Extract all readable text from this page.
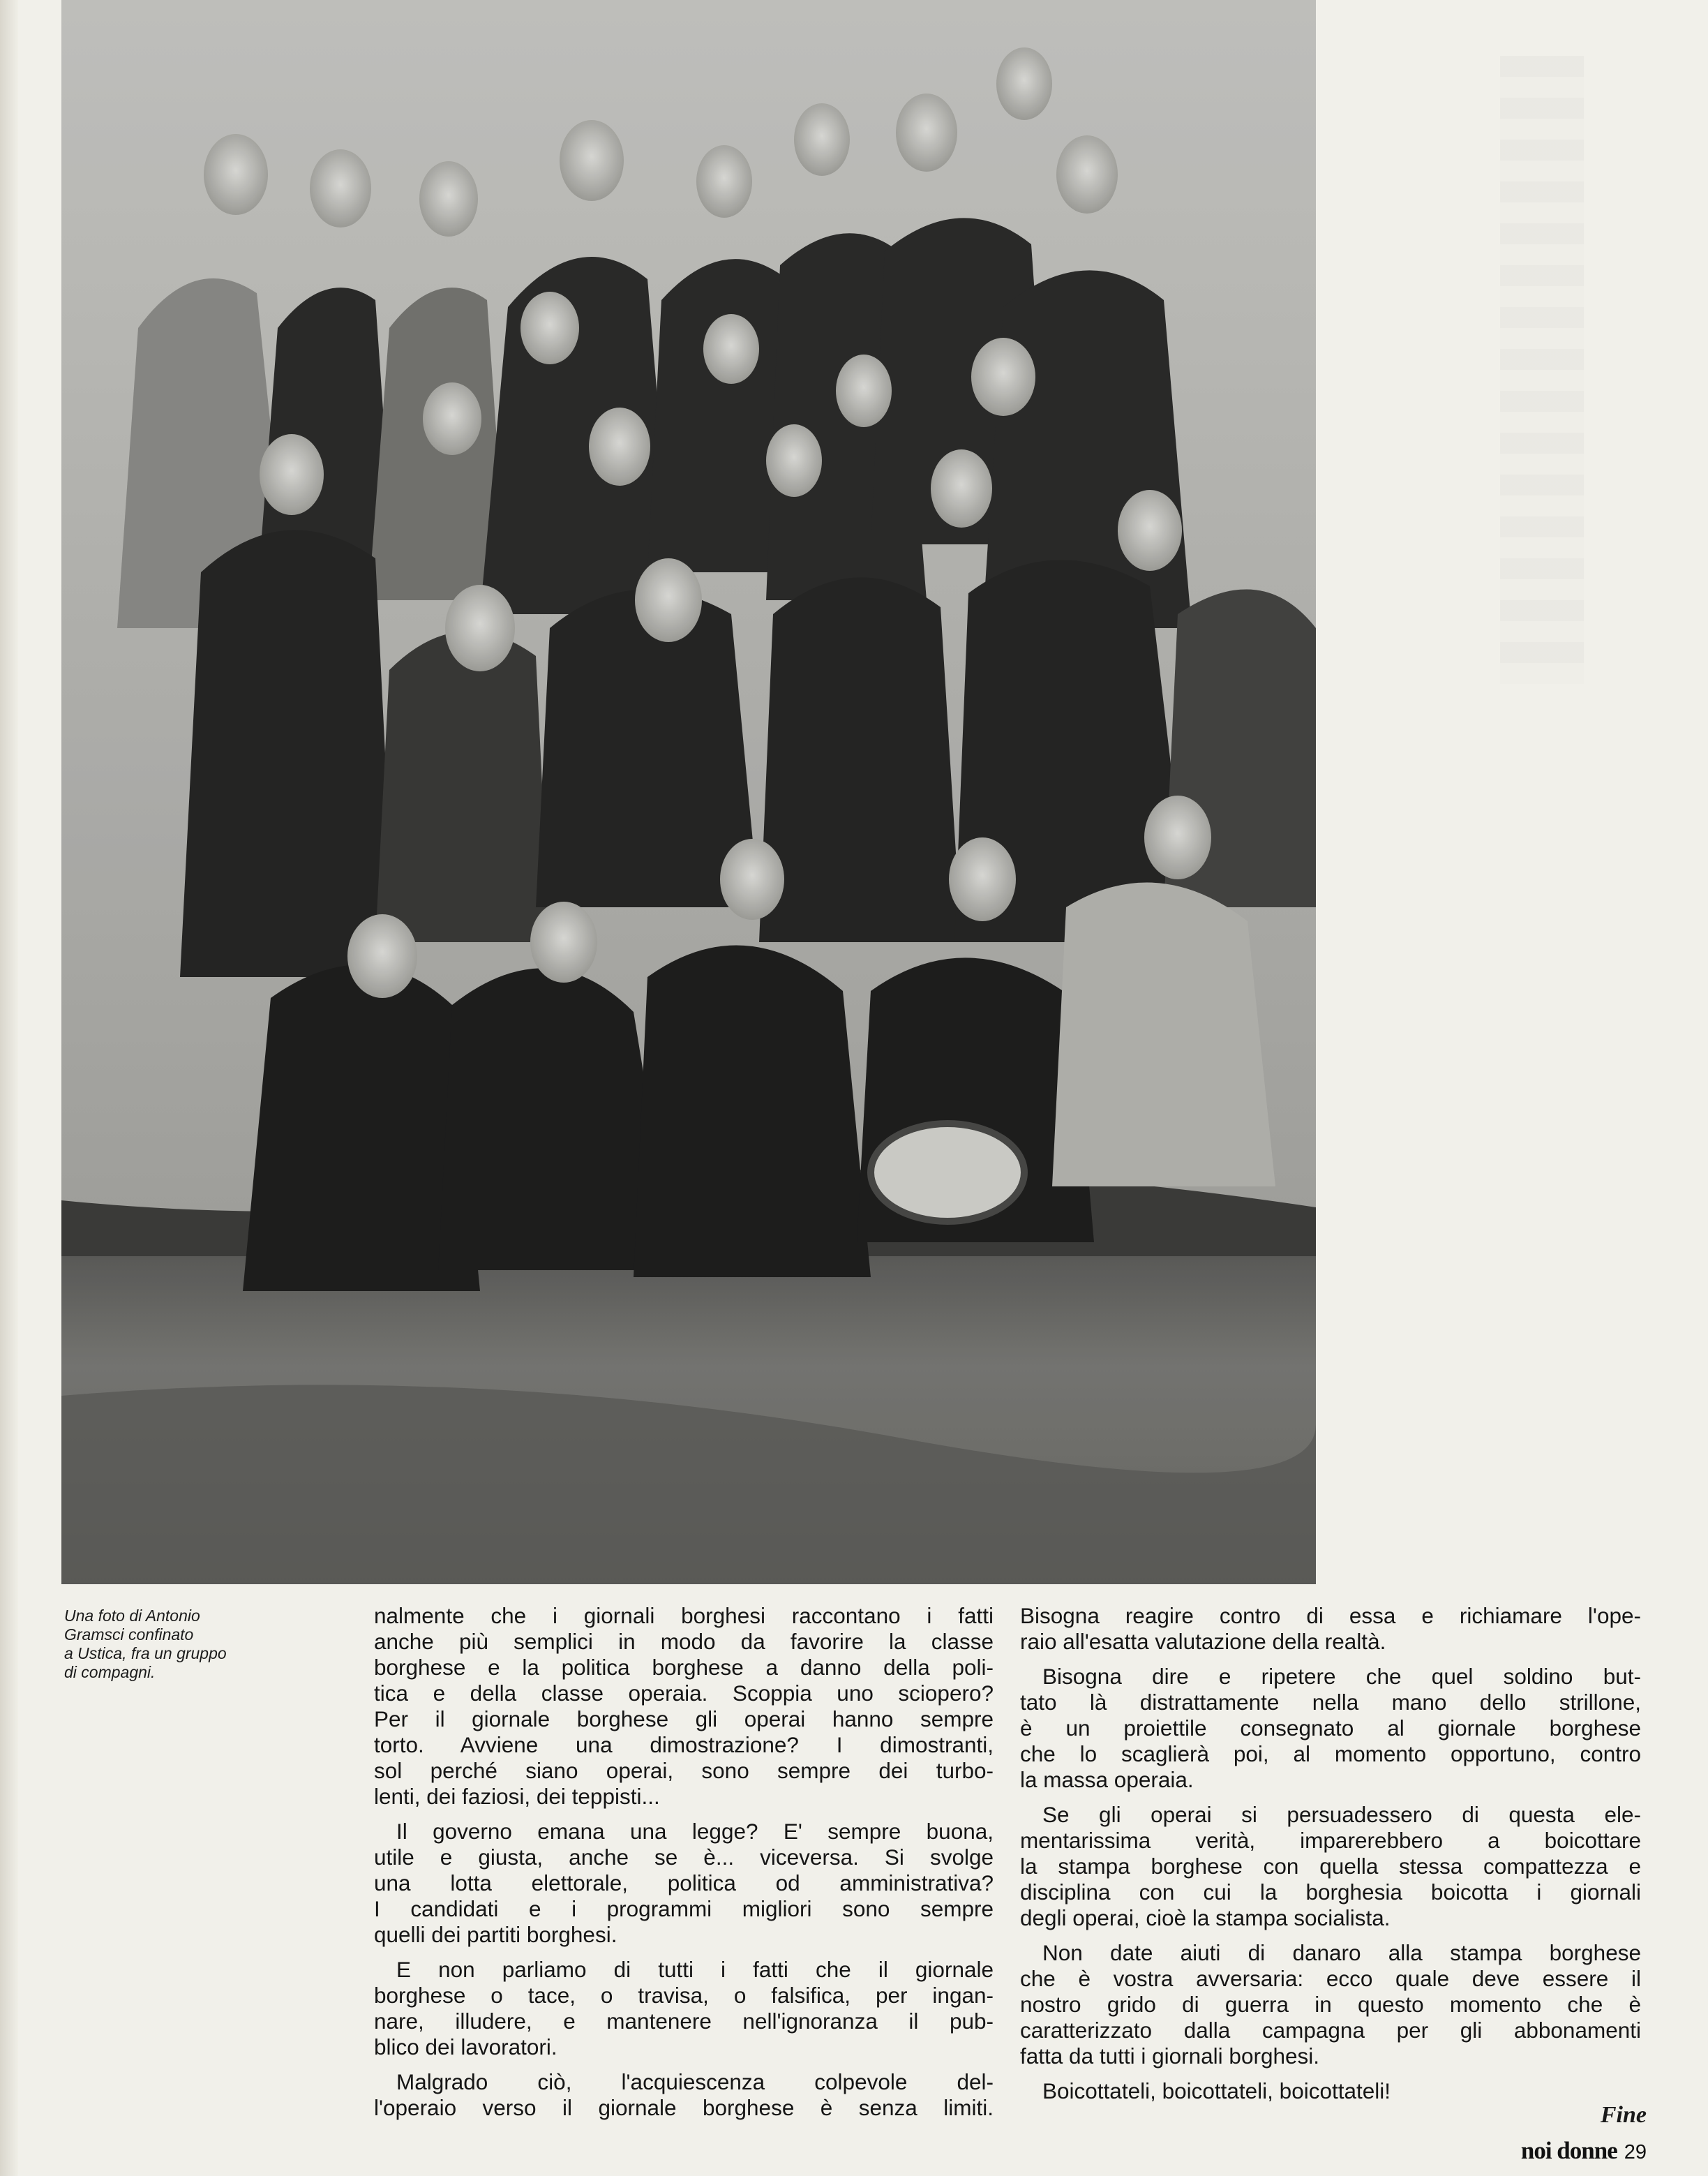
Una foto di Antonio
Gramsci confinato
a Ustica, fra un gruppo
di compagni.
nalmente che i giornali borghesi raccontano i fatti
anche più semplici in modo da favorire la classe
borghese e la politica borghese a danno della poli-
tica e della classe operaia. Scoppia uno sciopero?
Per il giornale borghese gli operai hanno sempre
torto. Avviene una dimostrazione? I dimostranti,
sol perché siano operai, sono sempre dei turbo-
lenti, dei faziosi, dei teppisti...
Il governo emana una legge? E' sempre buona,
utile e giusta, anche se è... viceversa. Si svolge
una lotta elettorale, politica od amministrativa?
I candidati e i programmi migliori sono sempre
quelli dei partiti borghesi.
E non parliamo di tutti i fatti che il giornale
borghese o tace, o travisa, o falsifica, per ingan-
nare, illudere, e mantenere nell'ignoranza il pub-
blico dei lavoratori.
Malgrado ciò, l'acquiescenza colpevole del-
l'operaio verso il giornale borghese è senza limiti.
Bisogna reagire contro di essa e richiamare l'ope-
raio all'esatta valutazione della realtà.
Bisogna dire e ripetere che quel soldino but-
tato là distrattamente nella mano dello strillone,
è un proiettile consegnato al giornale borghese
che lo scaglierà poi, al momento opportuno, contro
la massa operaia.
Se gli operai si persuadessero di questa ele-
mentarissima verità, imparerebbero a boicottare
la stampa borghese con quella stessa compattezza e
disciplina con cui la borghesia boicotta i giornali
degli operai, cioè la stampa socialista.
Non date aiuti di danaro alla stampa borghese
che è vostra avversaria: ecco quale deve essere il
nostro grido di guerra in questo momento che è
caratterizzato dalla campagna per gli abbonamenti
fatta da tutti i giornali borghesi.
Boicottateli, boicottateli, boicottateli!
Fine
noi donne 29
